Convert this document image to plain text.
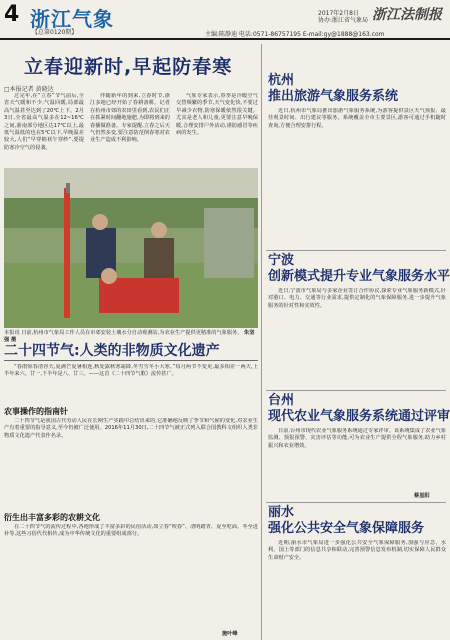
4 浙江气象
【总第0120期】
2017年2月8日
协办:浙江省气象局 浙江法制报
主编:陈静迪 电话:0571-86757195 E-mail:gy@1888@163.com
立春迎新时,早起防春寒
□本报记者 黄晓达

过完年,在“立春”节气前后,全省天气暖和不少,气温回暖,局部最高气温甚至达到了20℃上下。2月3日,全省最高气温多在12~16℃之间,浙南部分地区达17℃以上,最低气温低的也在5℃以下,早晚温差较大,人们“早穿棉袄午穿纱”,要提防寒冷空气的侵袭。

伴随新年的到来,立春时节,浙江多地已经开始了春耕备耕。记者在杭州市郊的农田里看到,农民们正在抓紧时间翻地施肥,为即将到来的春播做准备。专家提醒,立春之后天气仍然多变,要注意防范倒春寒对农业生产造成不利影响。

气象专家表示,春季是冷暖空气交替频繁的季节,天气变化快,不要过早减少衣物,防寒保暖依然很关键。尤其是老人和儿童,更要注意早晚保暖,合理安排户外活动,谨防感冒等疾病的发生。

本报讯 日前,杭州市气象局工作人员在市郊安装土壤水分自动观测站,为农业生产提供更精准的气象服务。 朱坚强 摄
二十四节气:人类的非物质文化遗产

“春雨惊春清谷天,夏满芒夏暑相连,秋处露秋寒霜降,冬雪雪冬小大寒。”每月两节不变更,最多相差一两天,上半年来六、廿一,下半年是八、廿三。——这首《二十四节气歌》流传甚广。

农事操作的指南针

二十四节气是我国古代劳动人民在长期生产实践中总结出来的,它准确地反映了季节和气候的变化,对农业生产有着重要的指导意义,至今仍被广泛使用。2016年11月30日,二十四节气被正式列入联合国教科文组织人类非物质文化遗产代表作名录。

衍生出丰富多彩的农耕文化

在二十四节气的流传过程中,各地形成了丰富多彩的民俗活动,如立春“咬春”、清明踏青、夏至吃面、冬至进补等,这些习俗代代相传,成为中华传统文化的重要组成部分。

施叶峰
杭州
推出旅游气象服务系统

近日,杭州市气象局推出旅游气象服务系统,为游客提供景区天气预报、最佳观景时间、出行建议等服务。系统覆盖全市主要景区,游客可通过手机随时查询,方便合理安排行程。

宁波
创新模式提升专业气象服务水平

近日,宁波市气象局与多家企业签订合作协议,探索专业气象服务新模式,针对港口、电力、交通等行业需求,提供定制化的气象保障服务,进一步提升气象服务的针对性和实效性。

台州
现代农业气象服务系统通过评审

日前,台州市现代农业气象服务系统通过专家评审。该系统集成了农业气象监测、预报预警、灾害评估等功能,可为农业生产提供全程气象服务,助力乡村振兴和农业增效。

蔡星阳
丽水
强化公共安全气象保障服务

近期,丽水市气象局进一步强化公共安全气象保障服务,加强与应急、水利、国土等部门的信息共享和联动,完善预警信息发布机制,切实保障人民群众生命财产安全。
